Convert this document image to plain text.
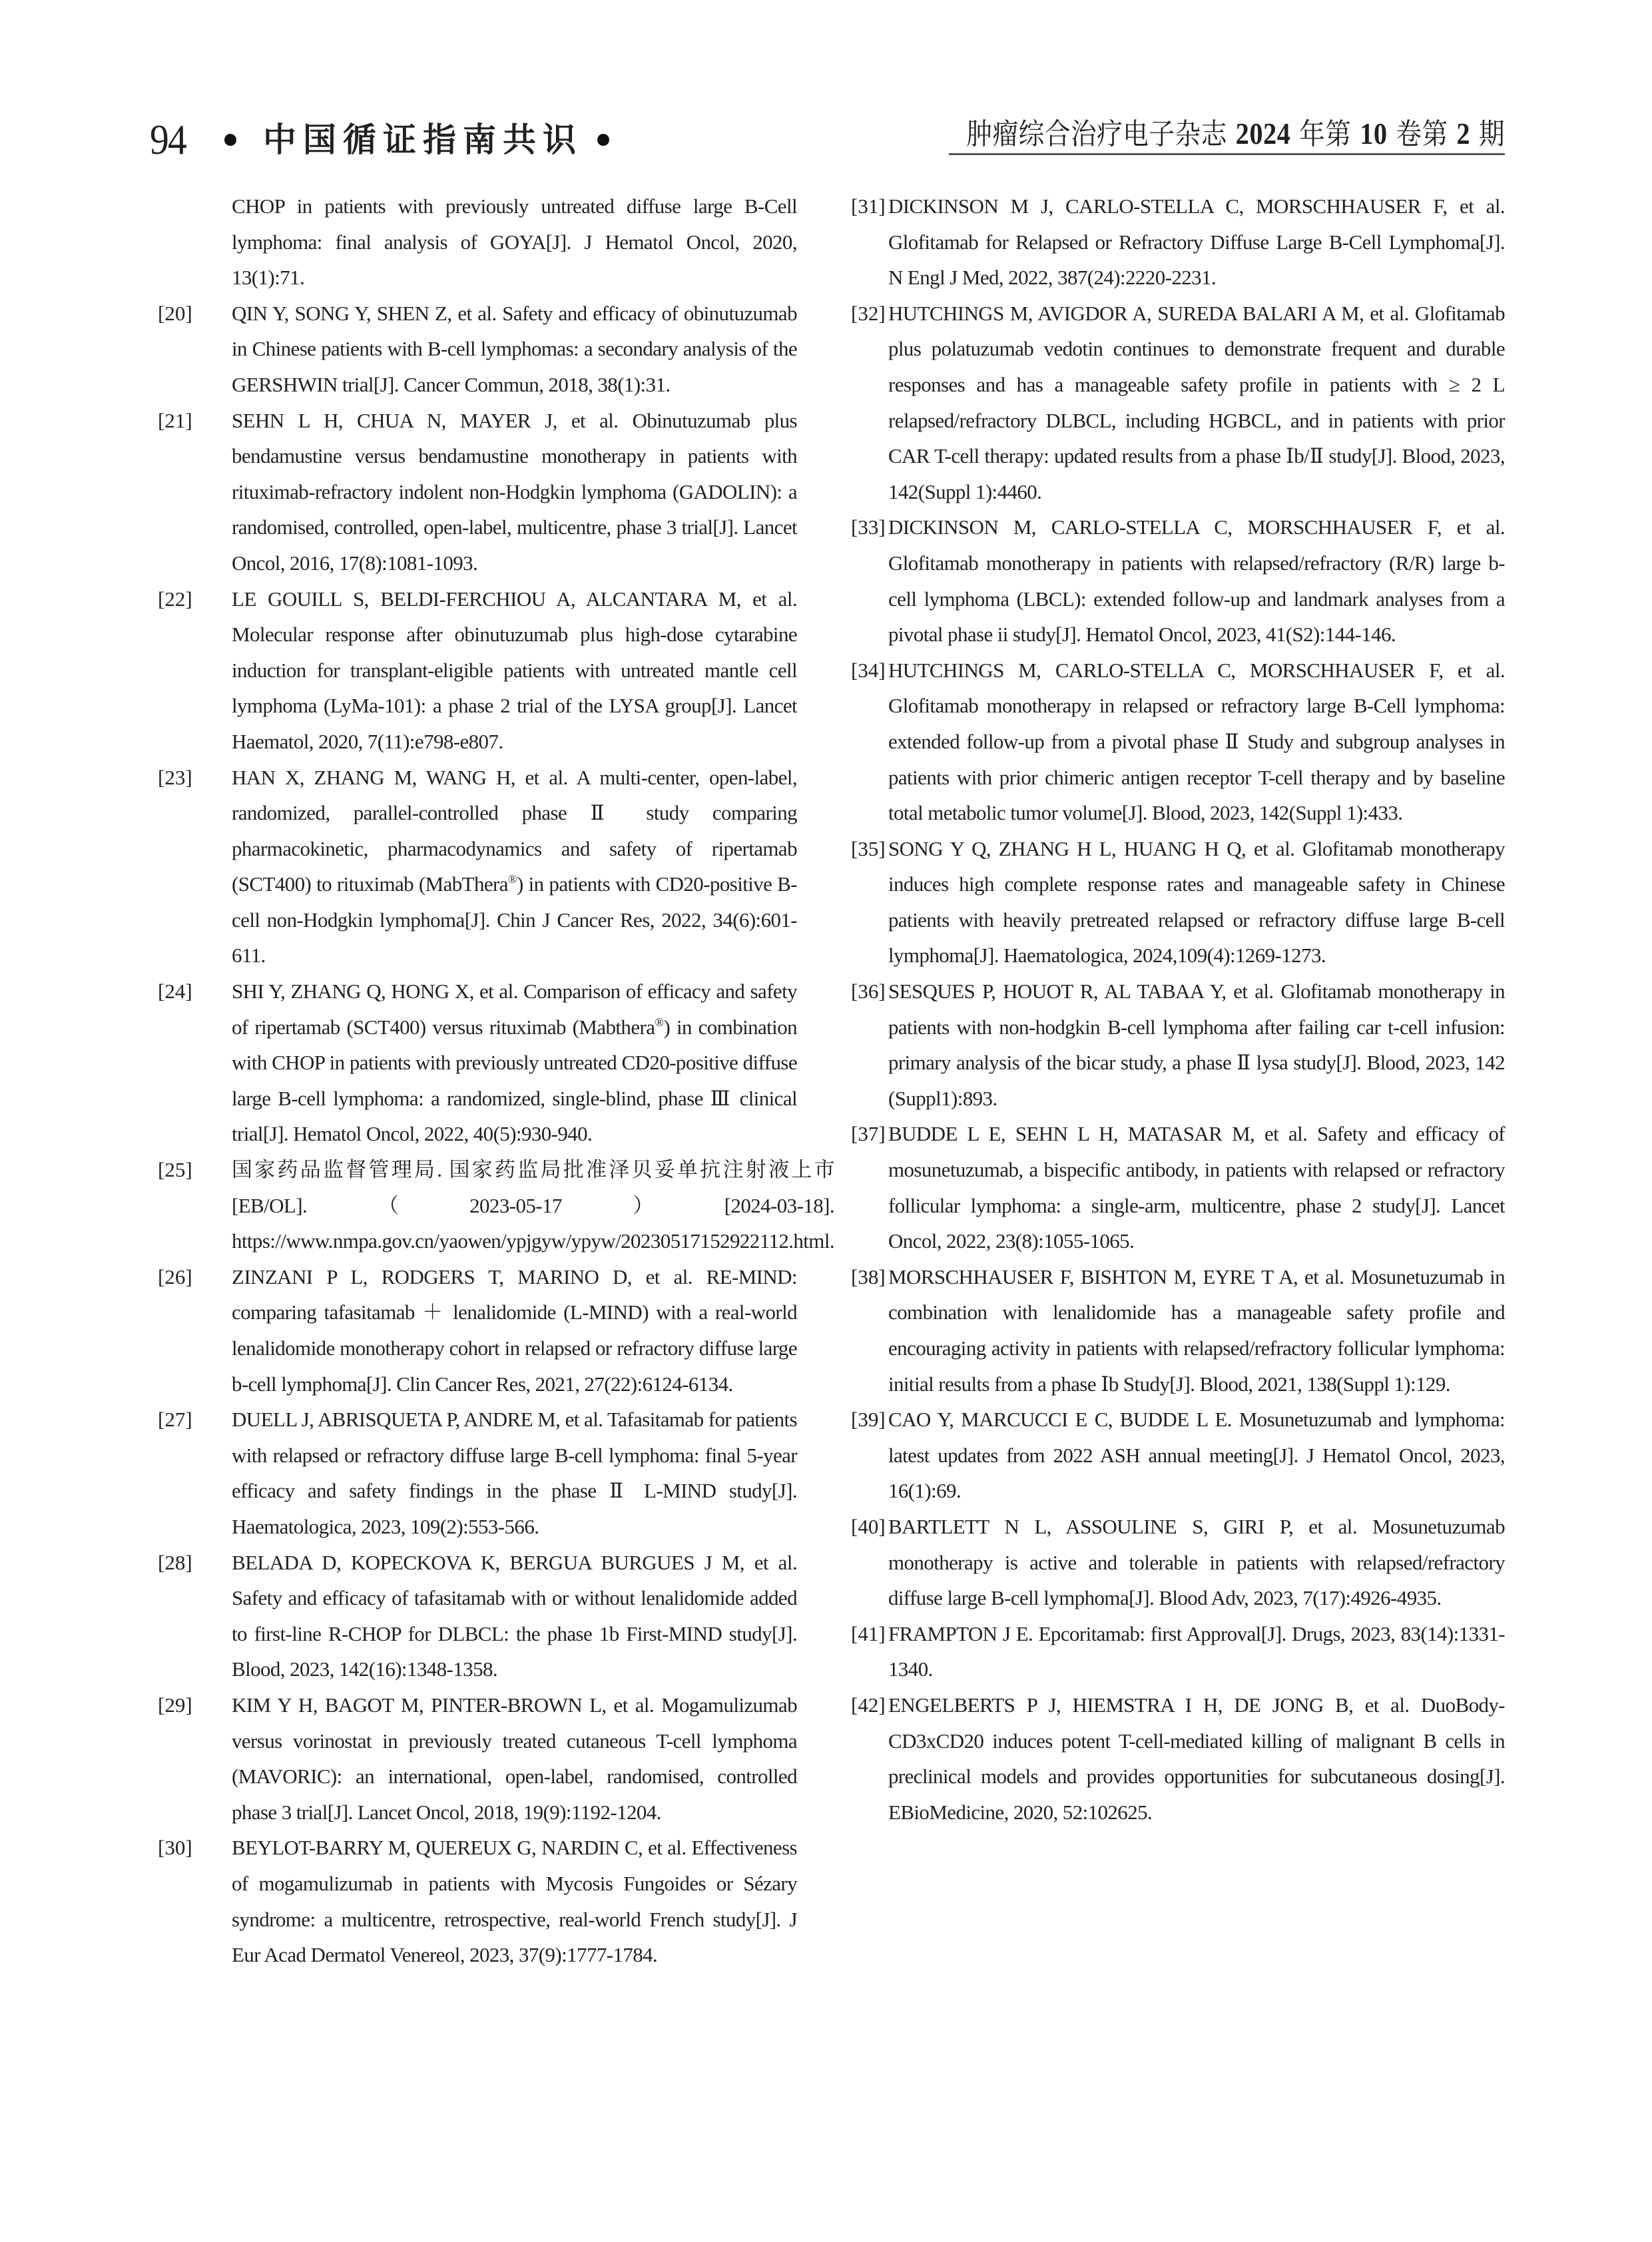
94 中国循证指南共识	肿瘤综合治疗电子杂志 2024 年第 10 卷第 2 期
CHOP in patients with previously untreated diffuse large B-Cell lymphoma: final analysis of GOYA[J]. J Hematol Oncol, 2020, 13(1):71.
[20]	QIN Y, SONG Y, SHEN Z, et al. Safety and efficacy of obinutuzumab in Chinese patients with B-cell lymphomas: a secondary analysis of the GERSHWIN trial[J]. Cancer Commun, 2018, 38(1):31.
[21]	SEHN L H, CHUA N, MAYER J, et al. Obinutuzumab plus bendamustine versus bendamustine monotherapy in patients with rituximab-refractory indolent non-Hodgkin lymphoma (GADOLIN): a randomised, controlled, open-label, multicentre, phase 3 trial[J]. Lancet Oncol, 2016, 17(8):1081-1093.
[22]	LE GOUILL S, BELDI-FERCHIOU A, ALCANTARA M, et al. Molecular response after obinutuzumab plus high-dose cytarabine induction for transplant-eligible patients with untreated mantle cell lymphoma (LyMa-101): a phase 2 trial of the LYSA group[J]. Lancet Haematol, 2020, 7(11):e798-e807.
[23]	HAN X, ZHANG M, WANG H, et al. A multi-center, open-label, randomized, parallel-controlled phase Ⅱ study comparing pharmacokinetic, pharmacodynamics and safety of ripertamab (SCT400) to rituximab (MabThera®) in patients with CD20-positive B-cell non-Hodgkin lymphoma[J]. Chin J Cancer Res, 2022, 34(6):601-611.
[24]	SHI Y, ZHANG Q, HONG X, et al. Comparison of efficacy and safety of ripertamab (SCT400) versus rituximab (Mabthera®) in combination with CHOP in patients with previously untreated CD20-positive diffuse large B-cell lymphoma: a randomized, single-blind, phase Ⅲ clinical trial[J]. Hematol Oncol, 2022, 40(5):930-940.
[25]	国家药品监督管理局. 国家药监局批准泽贝妥单抗注射液上市[EB/OL].（2023-05-17）[2024-03-18]. https://www.nmpa.gov.cn/yaowen/ypjgyw/ypyw/20230517152922112.html.
[26]	ZINZANI P L, RODGERS T, MARINO D, et al. RE-MIND: comparing tafasitamab ＋ lenalidomide (L-MIND) with a real-world lenalidomide monotherapy cohort in relapsed or refractory diffuse large b-cell lymphoma[J]. Clin Cancer Res, 2021, 27(22):6124-6134.
[27]	DUELL J, ABRISQUETA P, ANDRE M, et al. Tafasitamab for patients with relapsed or refractory diffuse large B-cell lymphoma: final 5-year efficacy and safety findings in the phase Ⅱ L-MIND study[J]. Haematologica, 2023, 109(2):553-566.
[28]	BELADA D, KOPECKOVA K, BERGUA BURGUES J M, et al. Safety and efficacy of tafasitamab with or without lenalidomide added to first-line R-CHOP for DLBCL: the phase 1b First-MIND study[J]. Blood, 2023, 142(16):1348-1358.
[29]	KIM Y H, BAGOT M, PINTER-BROWN L, et al. Mogamulizumab versus vorinostat in previously treated cutaneous T-cell lymphoma (MAVORIC): an international, open-label, randomised, controlled phase 3 trial[J]. Lancet Oncol, 2018, 19(9):1192-1204.
[30]	BEYLOT-BARRY M, QUEREUX G, NARDIN C, et al. Effectiveness of mogamulizumab in patients with Mycosis Fungoides or Sézary syndrome: a multicentre, retrospective, real-world French study[J]. J Eur Acad Dermatol Venereol, 2023, 37(9):1777-1784.
[31] DICKINSON M J, CARLO-STELLA C, MORSCHHAUSER F, et al. Glofitamab for Relapsed or Refractory Diffuse Large B-Cell Lymphoma[J]. N Engl J Med, 2022, 387(24):2220-2231.
[32] HUTCHINGS M, AVIGDOR A, SUREDA BALARI A M, et al. Glofitamab plus polatuzumab vedotin continues to demonstrate frequent and durable responses and has a manageable safety profile in patients with ≥ 2 L relapsed/refractory DLBCL, including HGBCL, and in patients with prior CAR T-cell therapy: updated results from a phase Ⅰb/Ⅱ study[J]. Blood, 2023, 142(Suppl 1):4460.
[33] DICKINSON M, CARLO-STELLA C, MORSCHHAUSER F, et al. Glofitamab monotherapy in patients with relapsed/refractory (R/R) large b-cell lymphoma (LBCL): extended follow-up and landmark analyses from a pivotal phase ii study[J]. Hematol Oncol, 2023, 41(S2):144-146.
[34] HUTCHINGS M, CARLO-STELLA C, MORSCHHAUSER F, et al. Glofitamab monotherapy in relapsed or refractory large B-Cell lymphoma: extended follow-up from a pivotal phase Ⅱ Study and subgroup analyses in patients with prior chimeric antigen receptor T-cell therapy and by baseline total metabolic tumor volume[J]. Blood, 2023, 142(Suppl 1):433.
[35] SONG Y Q, ZHANG H L, HUANG H Q, et al. Glofitamab monotherapy induces high complete response rates and manageable safety in Chinese patients with heavily pretreated relapsed or refractory diffuse large B-cell lymphoma[J]. Haematologica, 2024,109(4):1269-1273.
[36] SESQUES P, HOUOT R, AL TABAA Y, et al. Glofitamab monotherapy in patients with non-hodgkin B-cell lymphoma after failing car t-cell infusion: primary analysis of the bicar study, a phase Ⅱ lysa study[J]. Blood, 2023, 142 (Suppl1):893.
[37] BUDDE L E, SEHN L H, MATASAR M, et al. Safety and efficacy of mosunetuzumab, a bispecific antibody, in patients with relapsed or refractory follicular lymphoma: a single-arm, multicentre, phase 2 study[J]. Lancet Oncol, 2022, 23(8):1055-1065.
[38] MORSCHHAUSER F, BISHTON M, EYRE T A, et al. Mosunetuzumab in combination with lenalidomide has a manageable safety profile and encouraging activity in patients with relapsed/refractory follicular lymphoma: initial results from a phase Ⅰb Study[J]. Blood, 2021, 138(Suppl 1):129.
[39] CAO Y, MARCUCCI E C, BUDDE L E. Mosunetuzumab and lymphoma: latest updates from 2022 ASH annual meeting[J]. J Hematol Oncol, 2023, 16(1):69.
[40] BARTLETT N L, ASSOULINE S, GIRI P, et al. Mosunetuzumab monotherapy is active and tolerable in patients with relapsed/refractory diffuse large B-cell lymphoma[J]. Blood Adv, 2023, 7(17):4926-4935.
[41] FRAMPTON J E. Epcoritamab: first Approval[J]. Drugs, 2023, 83(14):1331-1340.
[42] ENGELBERTS P J, HIEMSTRA I H, DE JONG B, et al. DuoBody-CD3xCD20 induces potent T-cell-mediated killing of malignant B cells in preclinical models and provides opportunities for subcutaneous dosing[J]. EBioMedicine, 2020, 52:102625.
